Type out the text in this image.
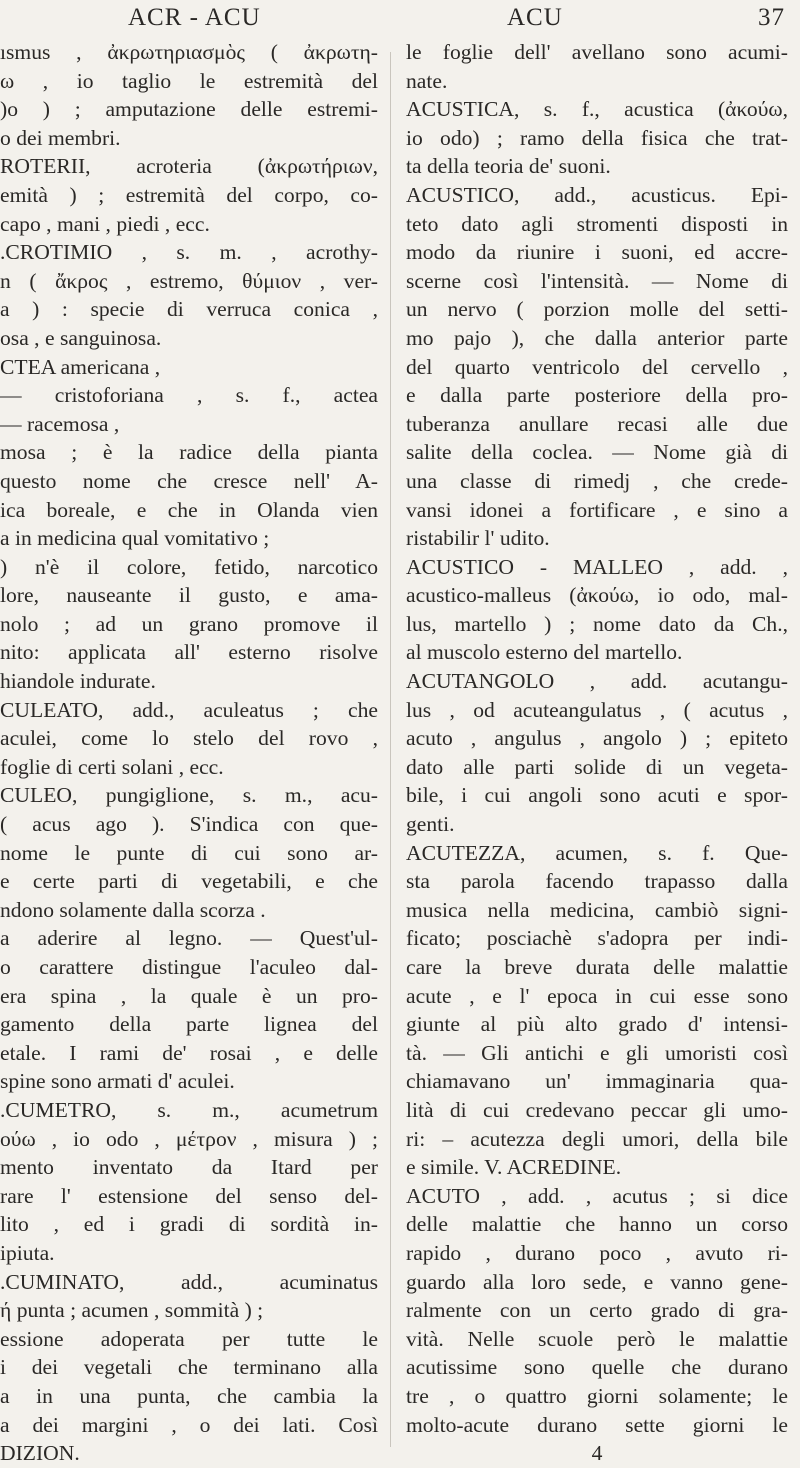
ACR - ACU	ACU	37
ısmus , ἀκρωτηριασμὸς ( ἀκρωτη-
ω , io taglio le estremità del
)o ) ; amputazione delle estremi-
o dei membri.
ROTERII, acroteria (ἀκρωτήριων,
emità ) ; estremità del corpo, co-
capo , mani , piedi , ecc.
.CROTIMIO , s. m. , acrothy-
n ( ἄκρος , estremo, θύμιον , ver-
a ) : specie di verruca conica ,
osa , e sanguinosa.
CTEA americana ,
— cristoforiana , s. f., actea
— racemosa ,
mosa ; è la radice della pianta
questo nome che cresce nell' A-
ica boreale, e che in Olanda vien
a in medicina qual vomitativo ;
) n'è il colore, fetido, narcotico
lore, nauseante il gusto, e ama-
nolo ; ad un grano promove il
nito: applicata all' esterno risolve
hiandole indurate.
CULEATO, add., aculeatus ; che
aculei, come lo stelo del rovo ,
foglie di certi solani , ecc.
CULEO, pungiglione, s. m., acu-
( acus ago ). S'indica con que-
nome le punte di cui sono ar-
e certe parti di vegetabili, e che
ndono solamente dalla scorza .
a aderire al legno. — Quest'ul-
o carattere distingue l'aculeo dal-
era spina , la quale è un pro-
gamento della parte lignea del
etale. I rami de' rosai , e delle
spine sono armati d' aculei.
.CUMETRO, s. m., acumetrum
ούω , io odo , μέτρον , misura ) ;
mento inventato da Itard per
rare l' estensione del senso del-
lito , ed i gradi di sordità in-
ipiuta.
.CUMINATO, add., acuminatus
ή punta ; acumen , sommità ) ;
essione adoperata per tutte le
i dei vegetali che terminano alla
a in una punta, che cambia la
a dei margini , o dei lati. Così
DIZION.
le foglie dell' avellano sono acumi-
nate.
ACUSTICA, s. f., acustica (ἀκούω,
io odo) ; ramo della fisica che trat-
ta della teoria de' suoni.
ACUSTICO, add., acusticus. Epi-
teto dato agli stromenti disposti in
modo da riunire i suoni, ed accre-
scerne così l'intensità. — Nome di
un nervo ( porzion molle del setti-
mo pajo ), che dalla anterior parte
del quarto ventricolo del cervello ,
e dalla parte posteriore della pro-
tuberanza anullare recasi alle due
salite della coclea. — Nome già di
una classe di rimedj , che crede-
vansi idonei a fortificare , e sino a
ristabilir l' udito.
ACUSTICO - MALLEO , add. ,
acustico-malleus (ἀκούω, io odo, mal-
lus, martello ) ; nome dato da Ch.,
al muscolo esterno del martello.
ACUTANGOLO , add. acutangu-
lus , od acuteangulatus , ( acutus ,
acuto , angulus , angolo ) ; epiteto
dato alle parti solide di un vegeta-
bile, i cui angoli sono acuti e spor-
genti.
ACUTEZZA, acumen, s. f. Que-
sta parola facendo trapasso dalla
musica nella medicina, cambiò signi-
ficato; posciachè s'adopra per indi-
care la breve durata delle malattie
acute , e l' epoca in cui esse sono
giunte al più alto grado d' intensi-
tà. — Gli antichi e gli umoristi così
chiamavano un' immaginaria qua-
lità di cui credevano peccar gli umo-
ri: – acutezza degli umori, della bile
e simile. V. ACREDINE.
ACUTO , add. , acutus ; si dice
delle malattie che hanno un corso
rapido , durano poco , avuto ri-
guardo alla loro sede, e vanno gene-
ralmente con un certo grado di gra-
vità. Nelle scuole però le malattie
acutissime sono quelle che durano
tre , o quattro giorni solamente; le
molto-acute durano sette giorni le
4
